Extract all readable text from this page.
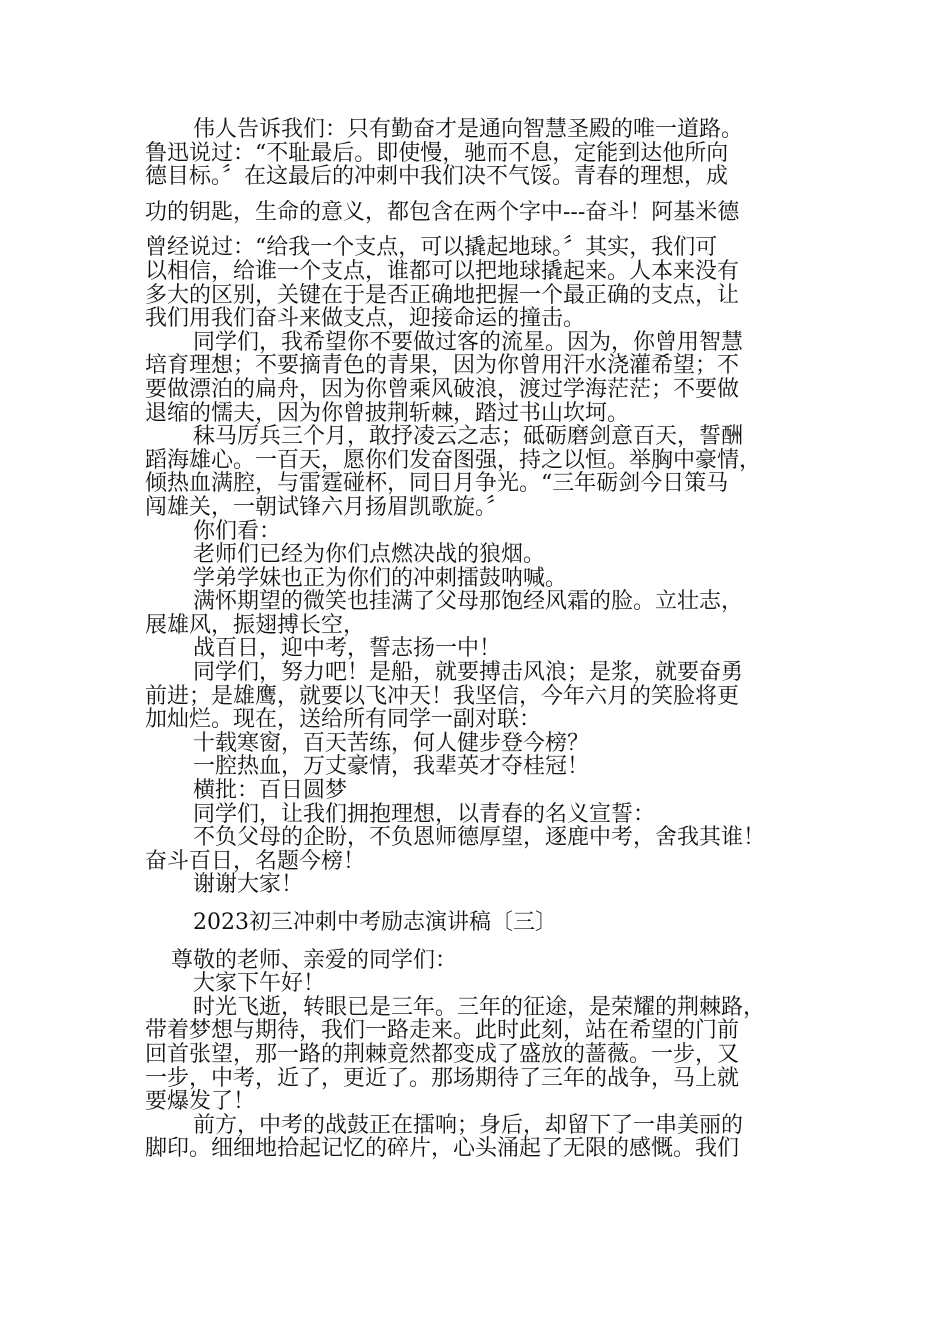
伟人告诉我们：只有勤奋才是通向智慧圣殿的唯一道路。
鲁迅说过：“不耻最后。即使慢，驰而不息，定能到达他所向
德目标。〞在这最后的冲刺中我们决不气馁。青春的理想，成
功的钥匙，生命的意义，都包含在两个字中---奋斗！阿基米德
曾经说过：“给我一个支点，可以撬起地球。〞其实，我们可
以相信，给谁一个支点，谁都可以把地球撬起来。人本来没有
多大的区别，关键在于是否正确地把握一个最正确的支点，让
我们用我们奋斗来做支点，迎接命运的撞击。
同学们，我希望你不要做过客的流星。因为，你曾用智慧
培育理想；不要摘青色的青果，因为你曾用汗水浇灌希望；不
要做漂泊的扁舟，因为你曾乘风破浪，渡过学海茫茫；不要做
退缩的懦夫，因为你曾披荆斩棘，踏过书山坎坷。
秣马厉兵三个月，敢抒凌云之志；砥砺磨剑意百天，誓酬
蹈海雄心。一百天，愿你们发奋图强，持之以恒。举胸中豪情，
倾热血满腔，与雷霆碰杯，同日月争光。“三年砺剑今日策马
闯雄关，一朝试锋六月扬眉凯歌旋。〞
你们看：
老师们已经为你们点燃决战的狼烟。
学弟学妹也正为你们的冲刺擂鼓呐喊。
满怀期望的微笑也挂满了父母那饱经风霜的脸。立壮志，
展雄风，振翅搏长空，
战百日，迎中考，誓志扬一中！
同学们，努力吧！是船，就要搏击风浪；是浆，就要奋勇
前进；是雄鹰，就要以飞冲天！我坚信，今年六月的笑脸将更
加灿烂。现在，送给所有同学一副对联：
十载寒窗，百天苦练，何人健步登今榜？
一腔热血，万丈豪情，我辈英才夺桂冠！
横批：百日圆梦
同学们，让我们拥抱理想，以青春的名义宣誓：
不负父母的企盼，不负恩师德厚望，逐鹿中考，舍我其谁！
奋斗百日，名题今榜！
谢谢大家！
2023初三冲刺中考励志演讲稿〔三〕
尊敬的老师、亲爱的同学们：
大家下午好！
时光飞逝，转眼已是三年。三年的征途，是荣耀的荆棘路，
带着梦想与期待，我们一路走来。此时此刻，站在希望的门前
回首张望，那一路的荆棘竟然都变成了盛放的蔷薇。一步，又
一步，中考，近了，更近了。那场期待了三年的战争，马上就
要爆发了！
前方，中考的战鼓正在擂响；身后，却留下了一串美丽的
脚印。细细地拾起记忆的碎片，心头涌起了无限的感慨。我们
